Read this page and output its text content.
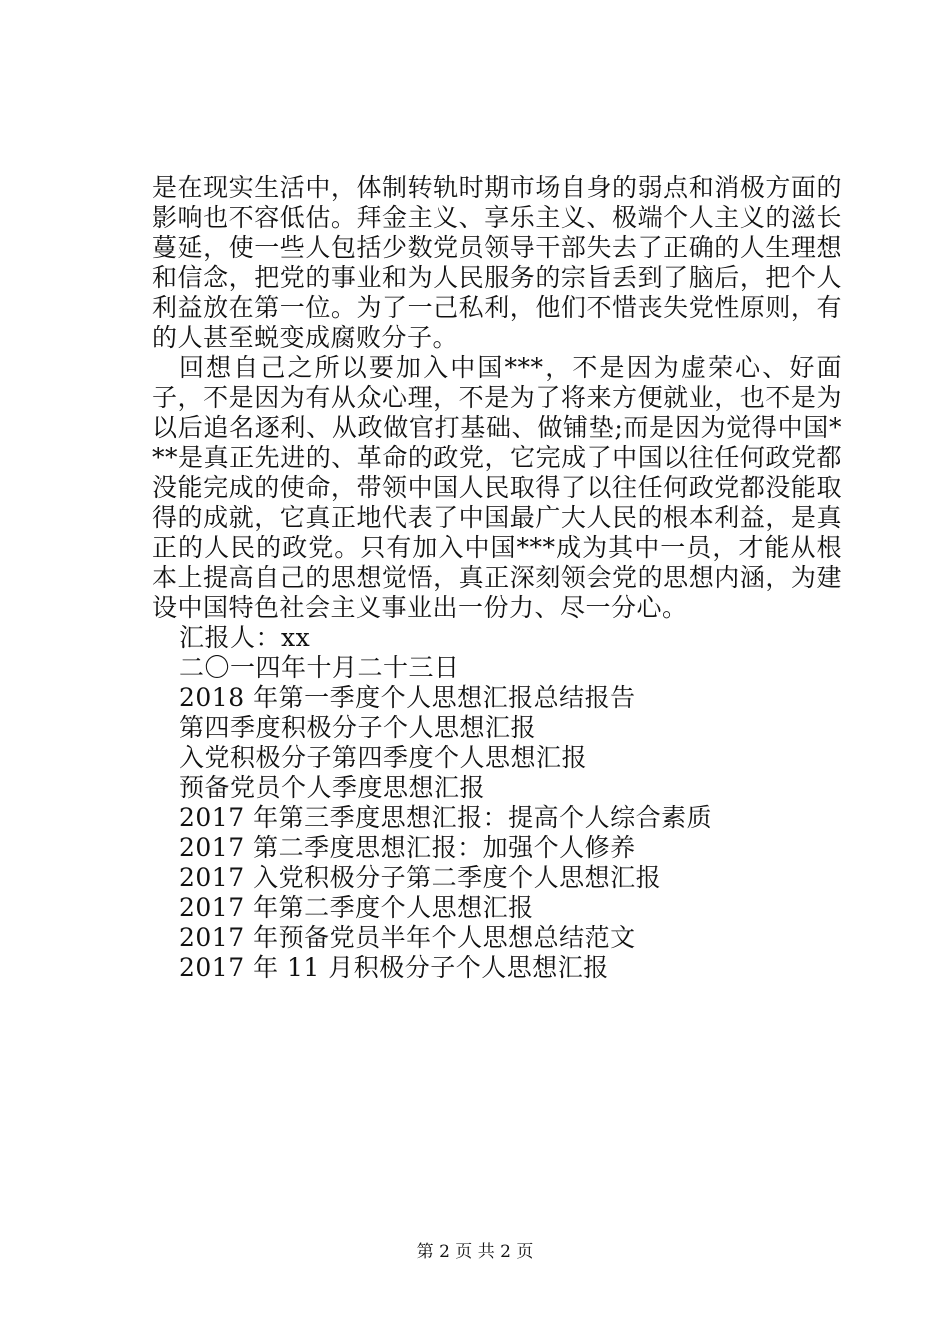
是在现实生活中，体制转轨时期市场自身的弱点和消极方面的影响也不容低估。拜金主义、享乐主义、极端个人主义的滋长蔓延，使一些人包括少数党员领导干部失去了正确的人生理想和信念，把党的事业和为人民服务的宗旨丢到了脑后，把个人利益放在第一位。为了一己私利，他们不惜丧失党性原则，有的人甚至蜕变成腐败分子。

回想自己之所以要加入中国***，不是因为虚荣心、好面子，不是因为有从众心理，不是为了将来方便就业，也不是为以后追名逐利、从政做官打基础、做铺垫;而是因为觉得中国***是真正先进的、革命的政党，它完成了中国以往任何政党都没能完成的使命，带领中国人民取得了以往任何政党都没能取得的成就，它真正地代表了中国最广大人民的根本利益，是真正的人民的政党。只有加入中国***成为其中一员，才能从根本上提高自己的思想觉悟，真正深刻领会党的思想内涵，为建设中国特色社会主义事业出一份力、尽一分心。

汇报人：xx
二〇一四年十月二十三日
2018 年第一季度个人思想汇报总结报告
第四季度积极分子个人思想汇报
入党积极分子第四季度个人思想汇报
预备党员个人季度思想汇报
2017 年第三季度思想汇报：提高个人综合素质
2017 第二季度思想汇报：加强个人修养
2017 入党积极分子第二季度个人思想汇报
2017 年第二季度个人思想汇报
2017 年预备党员半年个人思想总结范文
2017 年 11 月积极分子个人思想汇报
第 2 页 共 2 页
